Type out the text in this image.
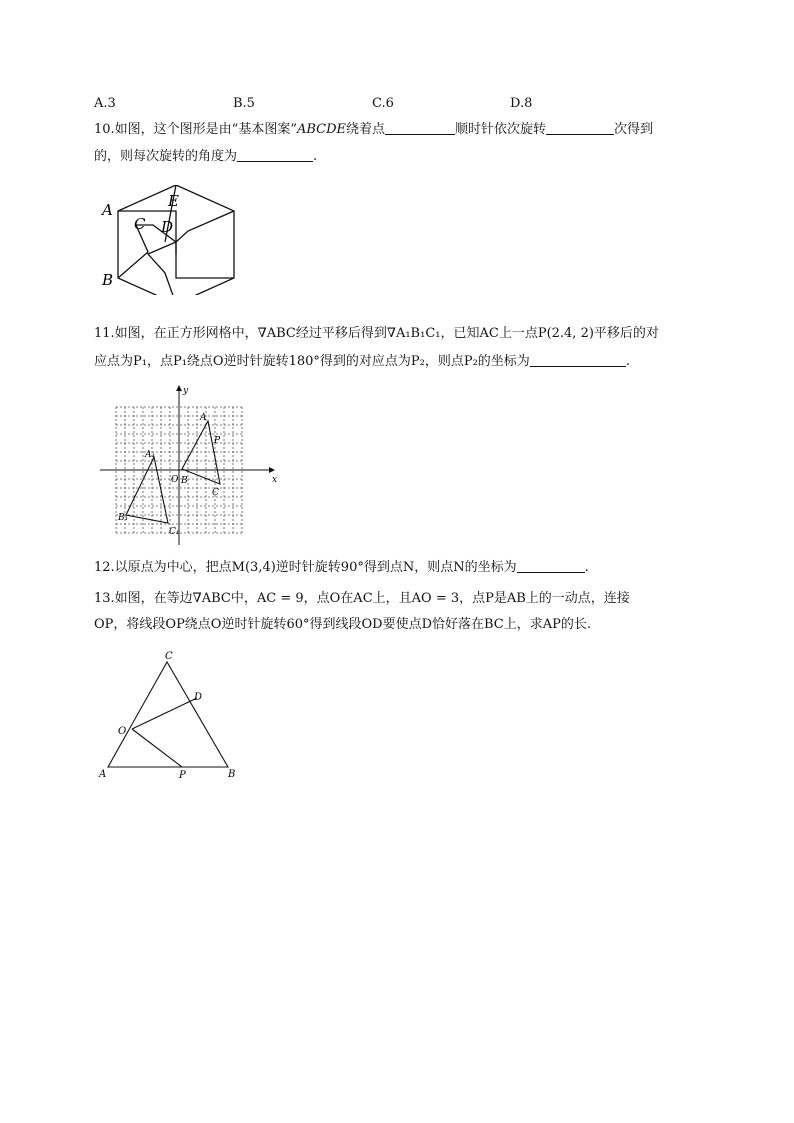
A.3	B.5	C.6	D.8
10.如图，这个图形是由“基本图案”ABCDE绕着点	顺时针依次旋转	次得到
的，则每次旋转的角度为	.
A
B
C D
E
11.如图，在正方形网格中，∇ABC经过平移后得到∇A₁B₁C₁，已知AC上一点P(2.4, 2)平移后的对
应点为P₁，点P₁绕点O逆时针旋转180°得到的对应点为P₂，则点P₂的坐标为	.
y
x
O
A
P
B
C
A₁
B₁
C₁
12.以原点为中心，把点M(3,4)逆时针旋转90°得到点N，则点N的坐标为	.
13.如图，在等边∇ABC中，AC = 9，点O在AC上，且AO = 3，点P是AB上的一动点，连接
OP，将线段OP绕点O逆时针旋转60°得到线段OD要使点D恰好落在BC上，求AP的长.
A	B
C
D
O
P
